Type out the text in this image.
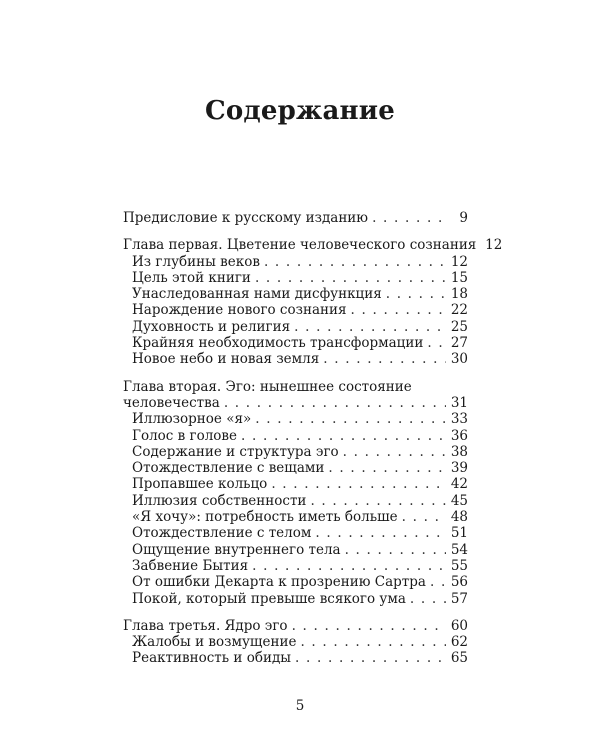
Содержание
Предисловие к русскому изданию . . .	9
Глава первая. Цветение человеческого сознания 12
Из глубины веков . . .	12
Цель этой книги . . .	15
Унаследованная нами дисфункция . . .	18
Нарождение нового сознания . . .	22
Духовность и религия . . .	25
Крайняя необходимость трансформации . . . 27
Новое небо и новая земля . . .	30
Глава вторая. Эго: нынешнее состояние
человечества . . .	31
Иллюзорное «я» . . .	33
Голос в голове . . .	36
Содержание и структура эго . . .	38
Отождествление с вещами . . .	39
Пропавшее кольцо . . .	42
Иллюзия собственности . . .	45
«Я хочу»: потребность иметь больше . . .	48
Отождествление с телом . . .	51
Ощущение внутреннего тела . . .	54
Забвение Бытия . . .	55
От ошибки Декарта к прозрению Сартра . . . 56
Покой, который превыше всякого ума . . .	57
Глава третья. Ядро эго . . .	60
Жалобы и возмущение . . .	62
Реактивность и обиды . . .	65
5
